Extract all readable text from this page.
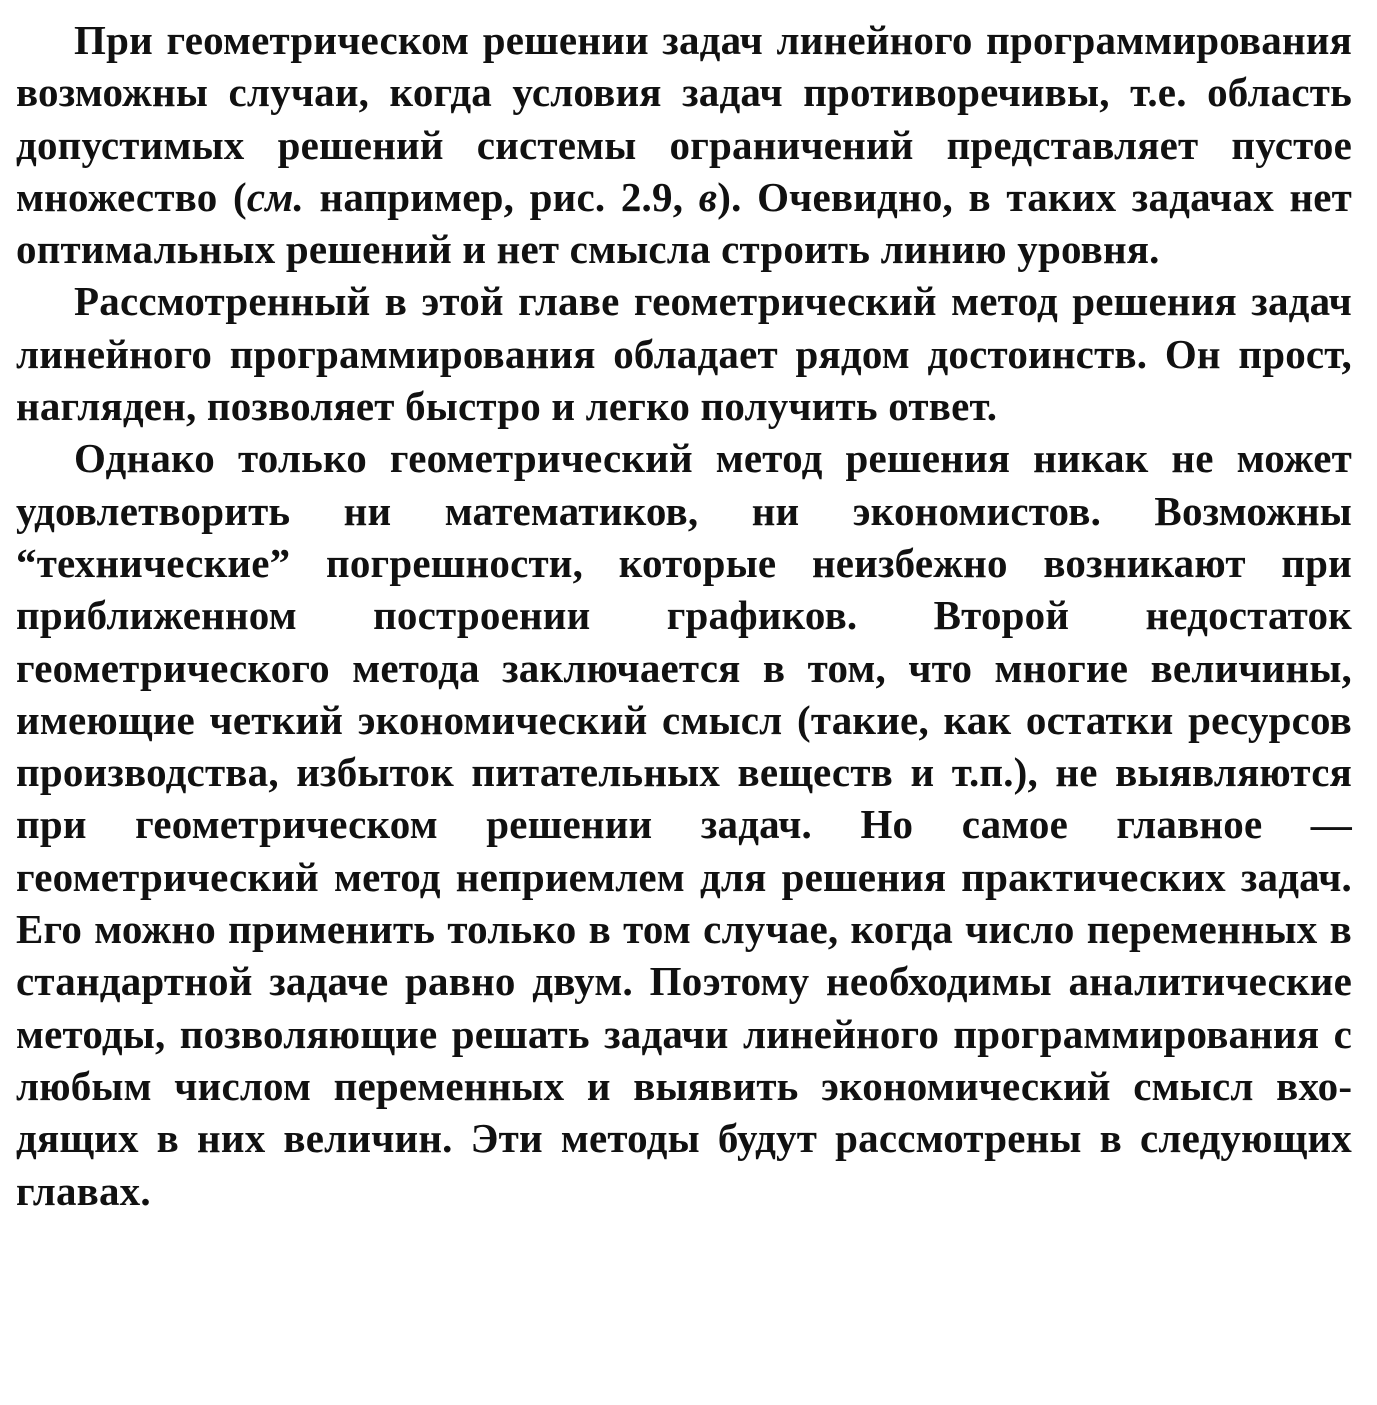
При геометрическом решении задач линейного программирования возможны случаи, когда условия задач противоречивы, т.е. область допустимых решений системы ограничений представляет пустое множество (см. например, рис. 2.9, в). Очевидно, в таких задачах нет оптимальных решений и нет смысла строить линию уровня.

Рассмотренный в этой главе геометрический метод решения задач линейного программирования обладает рядом достоинств. Он прост, нагляден, позволяет быстро и легко получить ответ.

Однако только геометрический метод решения никак не может удовлетворить ни математиков, ни экономистов. Возможны “технические” погрешности, которые неизбежно возникают при приближенном построении графиков. Второй недостаток геометрического метода заключается в том, что многие величины, имеющие четкий экономический смысл (такие, как остатки ресурсов производства, избыток питательных веществ и т.п.), не выявляются при геометрическом решении задач. Но самое главное — геометрический метод неприемлем для решения практических задач. Его можно применить только в том случае, когда число переменных в стандартной задаче равно двум. Поэтому необходимы аналитические методы, позволяющие решать задачи линейного программирования с любым числом переменных и выявить экономический смысл входящих в них величин. Эти методы будут рассмотрены в следующих главах.
